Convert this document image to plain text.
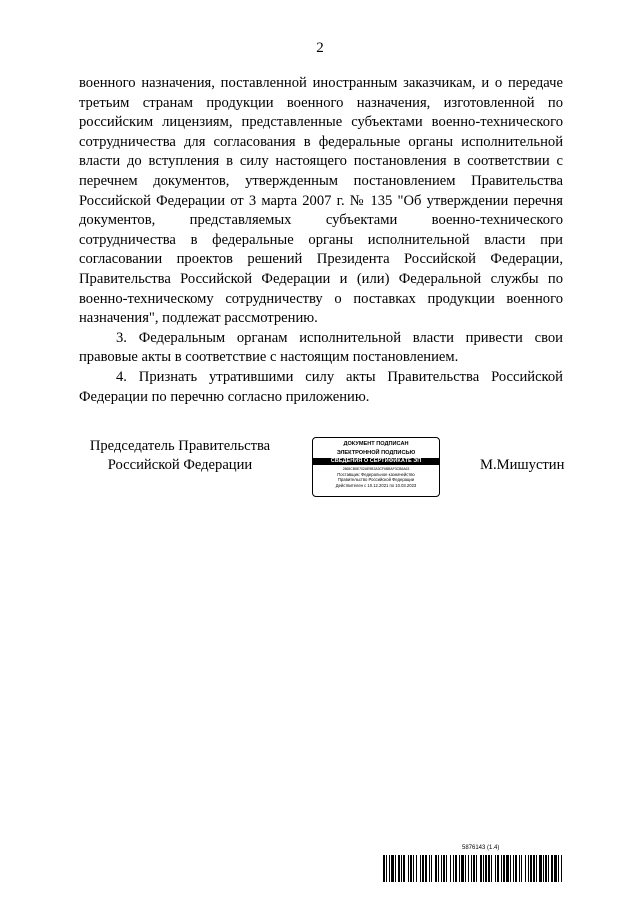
2

военного назначения, поставленной иностранным заказчикам, и о передаче третьим странам продукции военного назначения, изготовленной по российским лицензиям, представленные субъектами военно-технического сотрудничества для согласования в федеральные органы исполнительной власти до вступления в силу настоящего постановления в соответствии с перечнем документов, утвержденным постановлением Правительства Российской Федерации от 3 марта 2007 г. № 135 "Об утверждении перечня документов, представляемых субъектами военно-технического сотрудничества в федеральные органы исполнительной власти при согласовании проектов решений Президента Российской Федерации, Правительства Российской Федерации и (или) Федеральной службы по военно-техническому сотрудничеству о поставках продукции военного назначения", подлежат рассмотрению.

3. Федеральным органам исполнительной власти привести свои правовые акты в соответствие с настоящим постановлением.

4. Признать утратившими силу акты Правительства Российской Федерации по перечню согласно приложению.

Председатель Правительства
Российской Федерации
ДОКУМЕНТ ПОДПИСАН
ЭЛЕКТРОННОЙ ПОДПИСЬЮ
СВЕДЕНИЯ О СЕРТИФИКАТЕ ЭП
2865CB8E702AE9B3A3CF6BBAF3CB6A63
Поставщик: Федеральное казначейство
Правительство Российской Федерации
Действителен с 10.12.2021 по 10.03.2023
М.Мишустин
5876143 (1.4)
